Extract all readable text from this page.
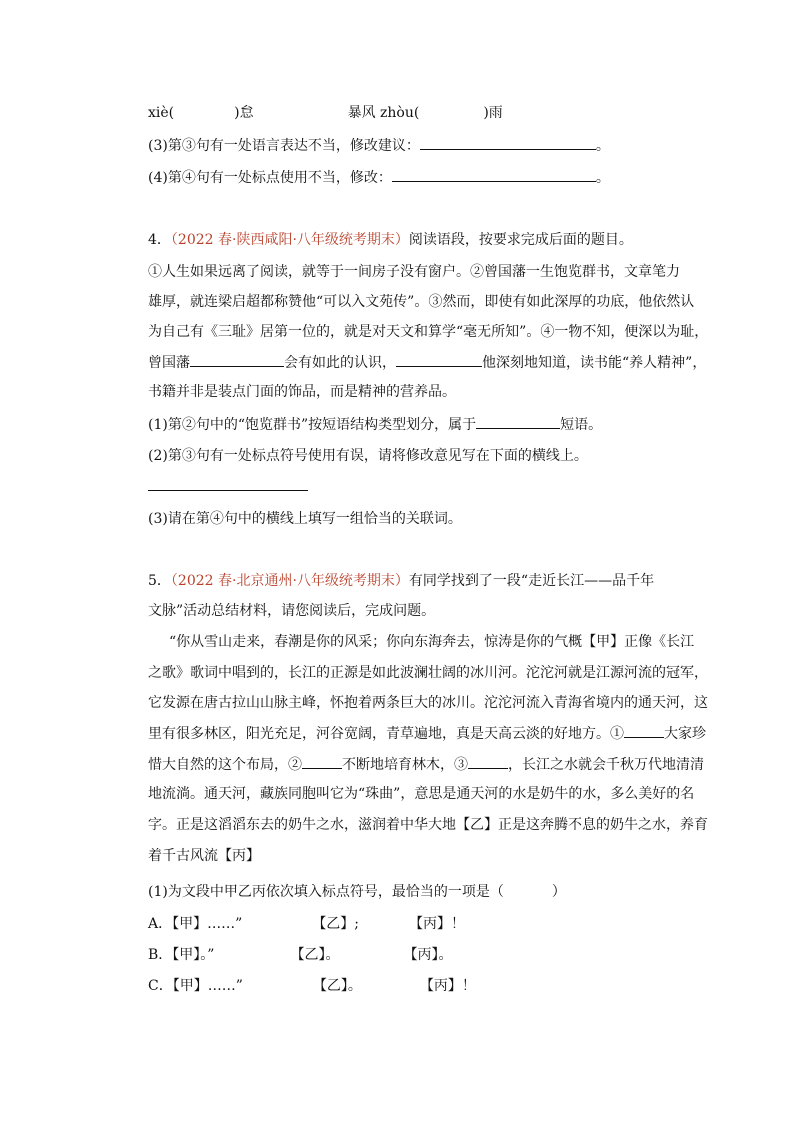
xiè(	)怠	暴风 zhòu(	)雨
(3)第③句有一处语言表达不当，修改建议：	。
(4)第④句有一处标点使用不当，修改：	。
4．（2022 春·陕西咸阳·八年级统考期末）阅读语段，按要求完成后面的题目。
①人生如果远离了阅读，就等于一间房子没有窗户。②曾国藩一生饱览群书，文章笔力
雄厚，就连梁启超都称赞他“可以入文苑传”。③然而，即使有如此深厚的功底，他依然认
为自己有《三耻》居第一位的，就是对天文和算学“毫无所知”。④一物不知，便深以为耻，
曾国藩	会有如此的认识，	他深刻地知道，读书能“养人精神”，
书籍并非是装点门面的饰品，而是精神的营养品。
(1)第②句中的“饱览群书”按短语结构类型划分，属于	短语。
(2)第③句有一处标点符号使用有误，请将修改意见写在下面的横线上。
(3)请在第④句中的横线上填写一组恰当的关联词。
5．（2022 春·北京通州·八年级统考期末）有同学找到了一段“走近长江——品千年
文脉”活动总结材料，请您阅读后，完成问题。
“你从雪山走来，春潮是你的风采；你向东海奔去，惊涛是你的气概【甲】正像《长江
之歌》歌词中唱到的，长江的正源是如此波澜壮阔的冰川河。沱沱河就是江源河流的冠军，
它发源在唐古拉山山脉主峰，怀抱着两条巨大的冰川。沱沱河流入青海省境内的通天河，这
里有很多林区，阳光充足，河谷宽阔，青草遍地，真是天高云淡的好地方。①	大家珍
惜大自然的这个布局，②	不断地培育林木，③	，长江之水就会千秋万代地清清
地流淌。通天河，藏族同胞叫它为“珠曲”，意思是通天河的水是奶牛的水，多么美好的名
字。正是这滔滔东去的奶牛之水，滋润着中华大地【乙】正是这奔腾不息的奶牛之水，养育
着千古风流【丙】
(1)为文段中甲乙丙依次填入标点符号，最恰当的一项是（	）
A．【甲】……”	【乙】;	【丙】！
B．【甲】。”	【乙】。	【丙】。
C．【甲】……”	【乙】。	【丙】！
